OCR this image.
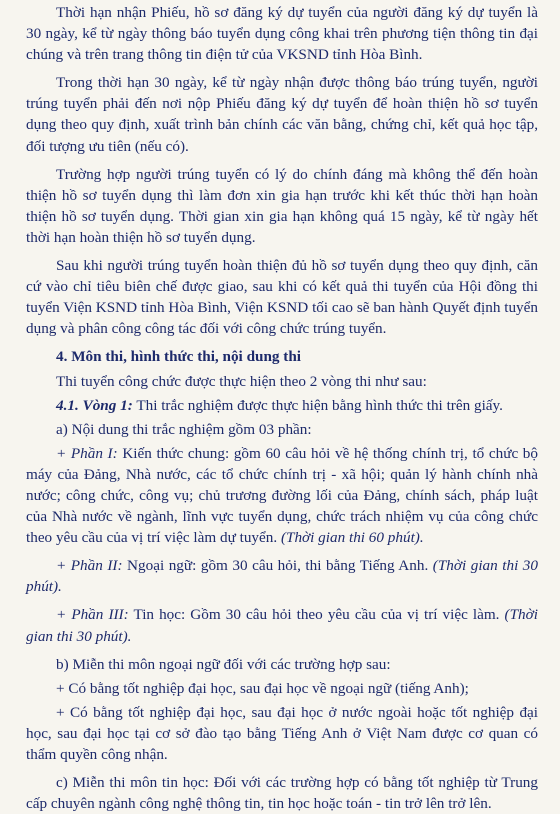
Thời hạn nhận Phiếu, hồ sơ đăng ký dự tuyển của người đăng ký dự tuyển là 30 ngày, kể từ ngày thông báo tuyển dụng công khai trên phương tiện thông tin đại chúng và trên trang thông tin điện tử của VKSND tỉnh Hòa Bình.

Trong thời hạn 30 ngày, kể từ ngày nhận được thông báo trúng tuyển, người trúng tuyển phải đến nơi nộp Phiếu đăng ký dự tuyển để hoàn thiện hồ sơ tuyển dụng theo quy định, xuất trình bản chính các văn bằng, chứng chỉ, kết quả học tập, đối tượng ưu tiên (nếu có).

Trường hợp người trúng tuyển có lý do chính đáng mà không thể đến hoàn thiện hồ sơ tuyển dụng thì làm đơn xin gia hạn trước khi kết thúc thời hạn hoàn thiện hồ sơ tuyển dụng. Thời gian xin gia hạn không quá 15 ngày, kể từ ngày hết thời hạn hoàn thiện hồ sơ tuyển dụng.

Sau khi người trúng tuyển hoàn thiện đủ hồ sơ tuyển dụng theo quy định, căn cứ vào chỉ tiêu biên chế được giao, sau khi có kết quả thi tuyển của Hội đồng thi tuyển Viện KSND tỉnh Hòa Bình, Viện KSND tối cao sẽ ban hành Quyết định tuyển dụng và phân công công tác đối với công chức trúng tuyển.

4. Môn thi, hình thức thi, nội dung thi

Thi tuyển công chức được thực hiện theo 2 vòng thi như sau:

4.1. Vòng 1: Thi trắc nghiệm được thực hiện bằng hình thức thi trên giấy.

a) Nội dung thi trắc nghiệm gồm 03 phần:

+ Phần I: Kiến thức chung: gồm 60 câu hỏi về hệ thống chính trị, tổ chức bộ máy của Đảng, Nhà nước, các tổ chức chính trị - xã hội; quản lý hành chính nhà nước; công chức, công vụ; chủ trương đường lối của Đảng, chính sách, pháp luật của Nhà nước về ngành, lĩnh vực tuyển dụng, chức trách nhiệm vụ của công chức theo yêu cầu của vị trí việc làm dự tuyển. (Thời gian thi 60 phút).

+ Phần II: Ngoại ngữ: gồm 30 câu hỏi, thi bằng Tiếng Anh. (Thời gian thi 30 phút).

+ Phần III: Tin học: Gồm 30 câu hỏi theo yêu cầu của vị trí việc làm. (Thời gian thi 30 phút).

b) Miễn thi môn ngoại ngữ đối với các trường hợp sau:

+ Có bằng tốt nghiệp đại học, sau đại học về ngoại ngữ (tiếng Anh);

+ Có bằng tốt nghiệp đại học, sau đại học ở nước ngoài hoặc tốt nghiệp đại học, sau đại học tại cơ sở đào tạo bằng Tiếng Anh ở Việt Nam được cơ quan có thẩm quyền công nhận.

c) Miễn thi môn tin học: Đối với các trường hợp có bằng tốt nghiệp từ Trung cấp chuyên ngành công nghệ thông tin, tin học hoặc toán - tin trở lên trở lên.
